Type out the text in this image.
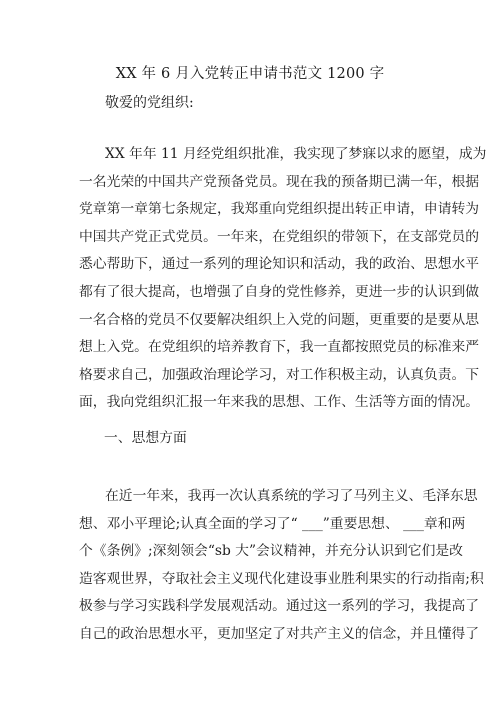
XX 年 6 月入党转正申请书范文 1200 字
敬爱的党组织:
XX 年年 11 月经党组织批准，我实现了梦寐以求的愿望，成为
一名光荣的中国共产党预备党员。现在我的预备期已满一年，根据
党章第一章第七条规定，我郑重向党组织提出转正申请，申请转为
中国共产党正式党员。一年来，在党组织的带领下，在支部党员的
悉心帮助下，通过一系列的理论知识和活动，我的政治、思想水平
都有了很大提高，也增强了自身的党性修养，更进一步的认识到做
一名合格的党员不仅要解决组织上入党的问题，更重要的是要从思
想上入党。在党组织的培养教育下，我一直都按照党员的标准来严
格要求自己，加强政治理论学习，对工作积极主动，认真负责。下
面，我向党组织汇报一年来我的思想、工作、生活等方面的情况。
一、思想方面
在近一年来，我再一次认真系统的学习了马列主义、毛泽东思
想、邓小平理论;认真全面的学习了“ ___”重要思想、 ___章和两
个《条例》;深刻领会“sb 大”会议精神，并充分认识到它们是改
造客观世界，夺取社会主义现代化建设事业胜利果实的行动指南;积
极参与学习实践科学发展观活动。通过这一系列的学习，我提高了
自己的政治思想水平，更加坚定了对共产主义的信念，并且懂得了
